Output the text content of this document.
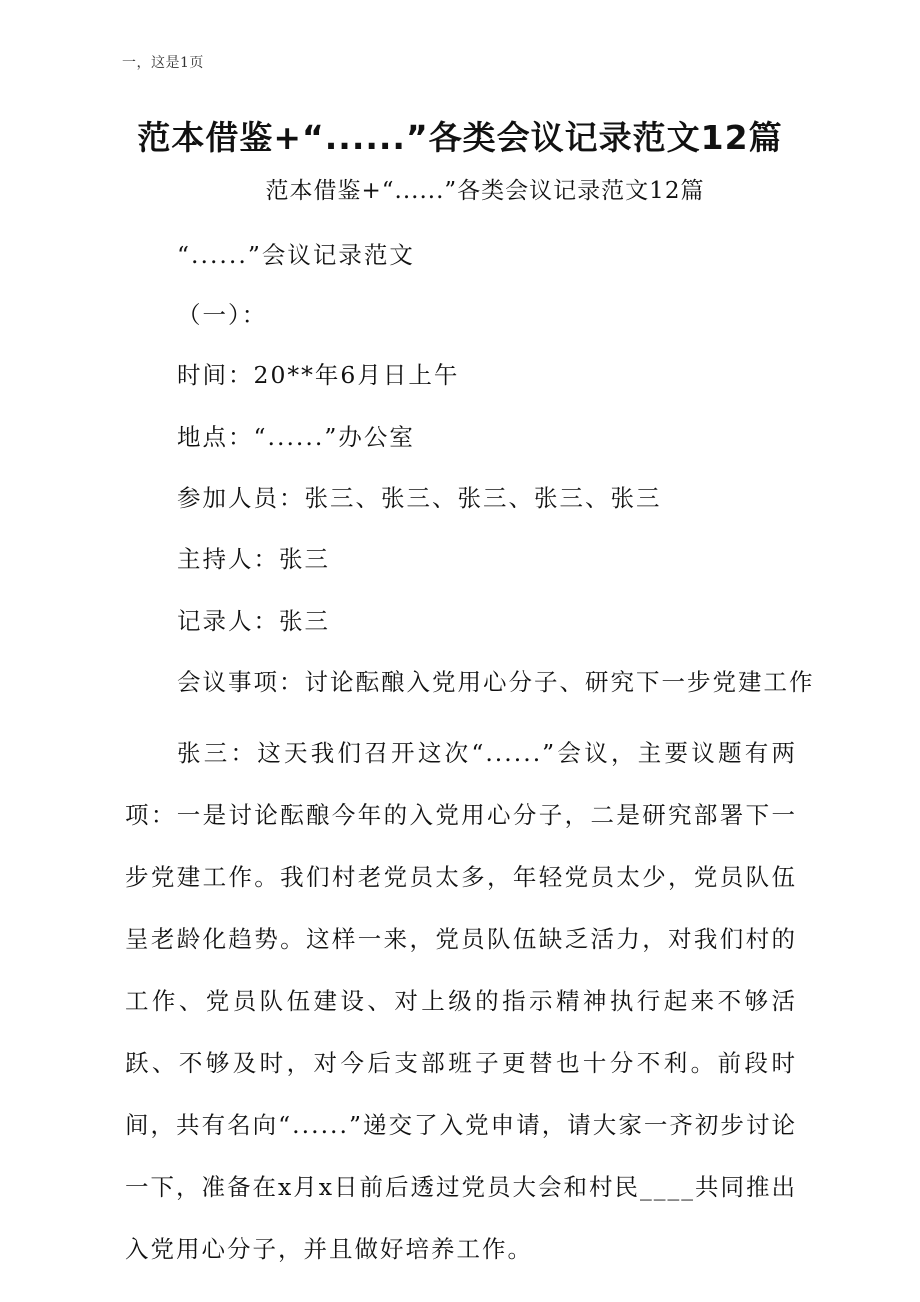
一，这是1页
范本借鉴+“......”各类会议记录范文12篇
范本借鉴+“......”各类会议记录范文12篇
“......”会议记录范文
（一）：
时间：20**年6月日上午
地点：“......”办公室
参加人员：张三、张三、张三、张三、张三
主持人：张三
记录人：张三
会议事项：讨论酝酿入党用心分子、研究下一步党建工作

张三：这天我们召开这次“......”会议，主要议题有两项：一是讨论酝酿今年的入党用心分子，二是研究部署下一步党建工作。我们村老党员太多，年轻党员太少，党员队伍呈老龄化趋势。这样一来，党员队伍缺乏活力，对我们村的工作、党员队伍建设、对上级的指示精神执行起来不够活跃、不够及时，对今后支部班子更替也十分不利。前段时间，共有名向“......”递交了入党申请，请大家一齐初步讨论一下，准备在x月x日前后透过党员大会和村民____共同推出入党用心分子，并且做好培养工作。
